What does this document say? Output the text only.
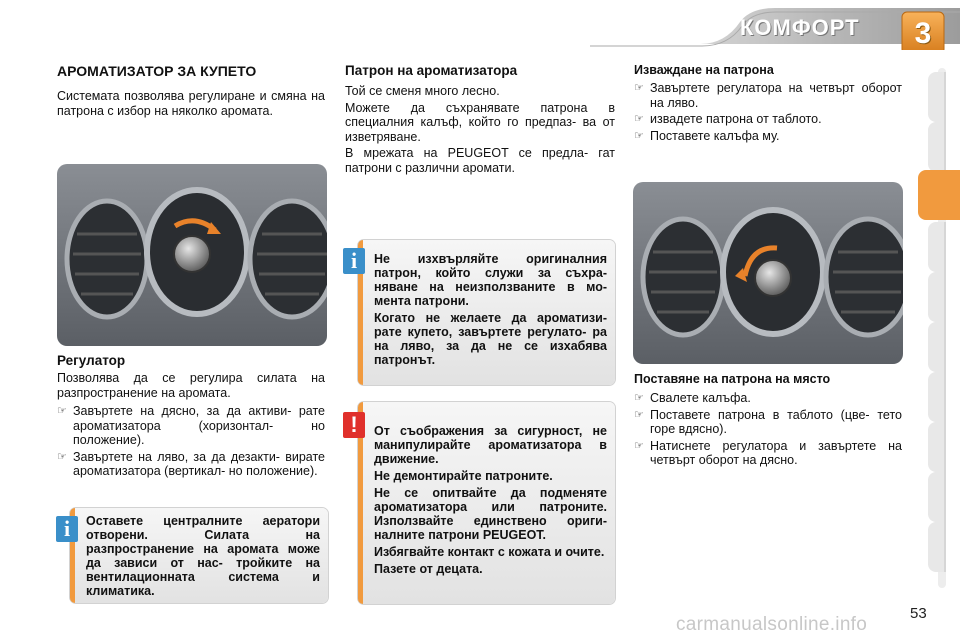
КОМФОРТ	3
АРОМАТИЗАТОР ЗА КУПЕТО
Системата позволява регулиране и смяна на патрона с избор на няколко аромата.
Регулатор
Позволява да се регулира силата на разпространение на аромата.
☞ Завъртете на дясно, за да активи- рате ароматизатора (хоризонтал- но положение).
☞ Завъртете на ляво, за да дезакти- вирате ароматизатора (вертикал- но положение).
Оставете централните аератори отворени. Силата на разпространение на аромата може да зависи от нас- тройките на вентилационната система и климатика.
i
Патрон на ароматизатора
Той се сменя много лесно.
Можете да съхранявате патрона в специалния калъф, който го предпаз- ва от изветряване.
В мрежата на PEUGEOT се предла- гат патрони с различни аромати.

Не изхвърляйте оригиналния патрон, който служи за съхра- няване на неизползваните в мо- мента патрони.

Когато не желаете да ароматизи- рате купето, завъртете регулато- ра на ляво, за да не се изхабява патронът.

i

От съображения за сигурност, не манипулирайте ароматизатора в движение.

Не демонтирайте патроните.

Не се опитвайте да подменяте ароматизатора или патроните. Използвайте единствено ориги- налните патрони PEUGEOT.

Избягвайте контакт с кожата и очите.

Пазете от децата.

!
Изваждане на патрона
☞ Завъртете регулатора на четвърт оборот на ляво.
☞ извадете патрона от таблото.
☞ Поставете калъфа му.
Поставяне на патрона на място
☞ Свалете калъфа.
☞ Поставете патрона в таблото (цве- тето горе вдясно).
☞ Натиснете регулатора и завъртете на четвърт оборот на дясно.
carmanualsonline.info
53
